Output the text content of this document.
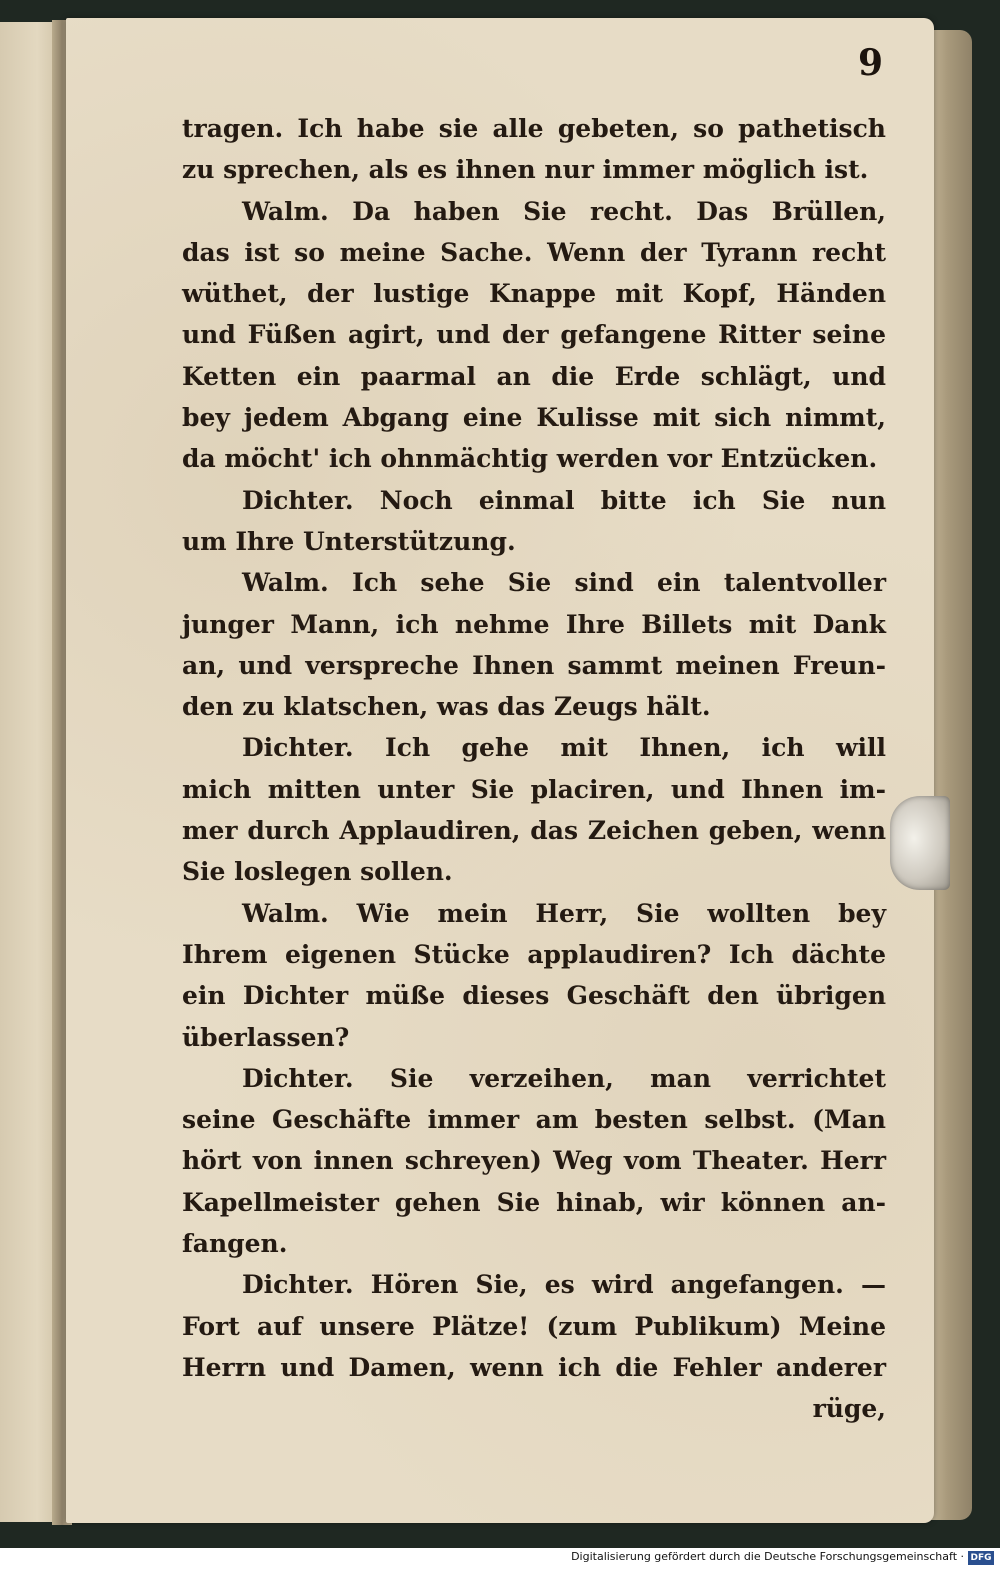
9
tragen. Ich habe sie alle gebeten, so pathetisch
zu sprechen, als es ihnen nur immer möglich ist.
Walm. Da haben Sie recht. Das Brüllen,
das ist so meine Sache. Wenn der Tyrann recht
wüthet, der lustige Knappe mit Kopf, Händen
und Füßen agirt, und der gefangene Ritter seine
Ketten ein paarmal an die Erde schlägt, und
bey jedem Abgang eine Kulisse mit sich nimmt,
da möcht' ich ohnmächtig werden vor Entzücken.
Dichter. Noch einmal bitte ich Sie nun
um Ihre Unterstützung.
Walm. Ich sehe Sie sind ein talentvoller
junger Mann, ich nehme Ihre Billets mit Dank
an, und verspreche Ihnen sammt meinen Freun-
den zu klatschen, was das Zeugs hält.
Dichter. Ich gehe mit Ihnen, ich will
mich mitten unter Sie placiren, und Ihnen im-
mer durch Applaudiren, das Zeichen geben, wenn
Sie loslegen sollen.
Walm. Wie mein Herr, Sie wollten bey
Ihrem eigenen Stücke applaudiren? Ich dächte
ein Dichter müße dieses Geschäft den übrigen
überlassen?
Dichter. Sie verzeihen, man verrichtet
seine Geschäfte immer am besten selbst. (Man
hört von innen schreyen) Weg vom Theater. Herr
Kapellmeister gehen Sie hinab, wir können an-
fangen.
Dichter. Hören Sie, es wird angefangen. —
Fort auf unsere Plätze! (zum Publikum) Meine
Herrn und Damen, wenn ich die Fehler anderer
rüge,
Digitalisierung gefördert durch die Deutsche Forschungsgemeinschaft · DFG
